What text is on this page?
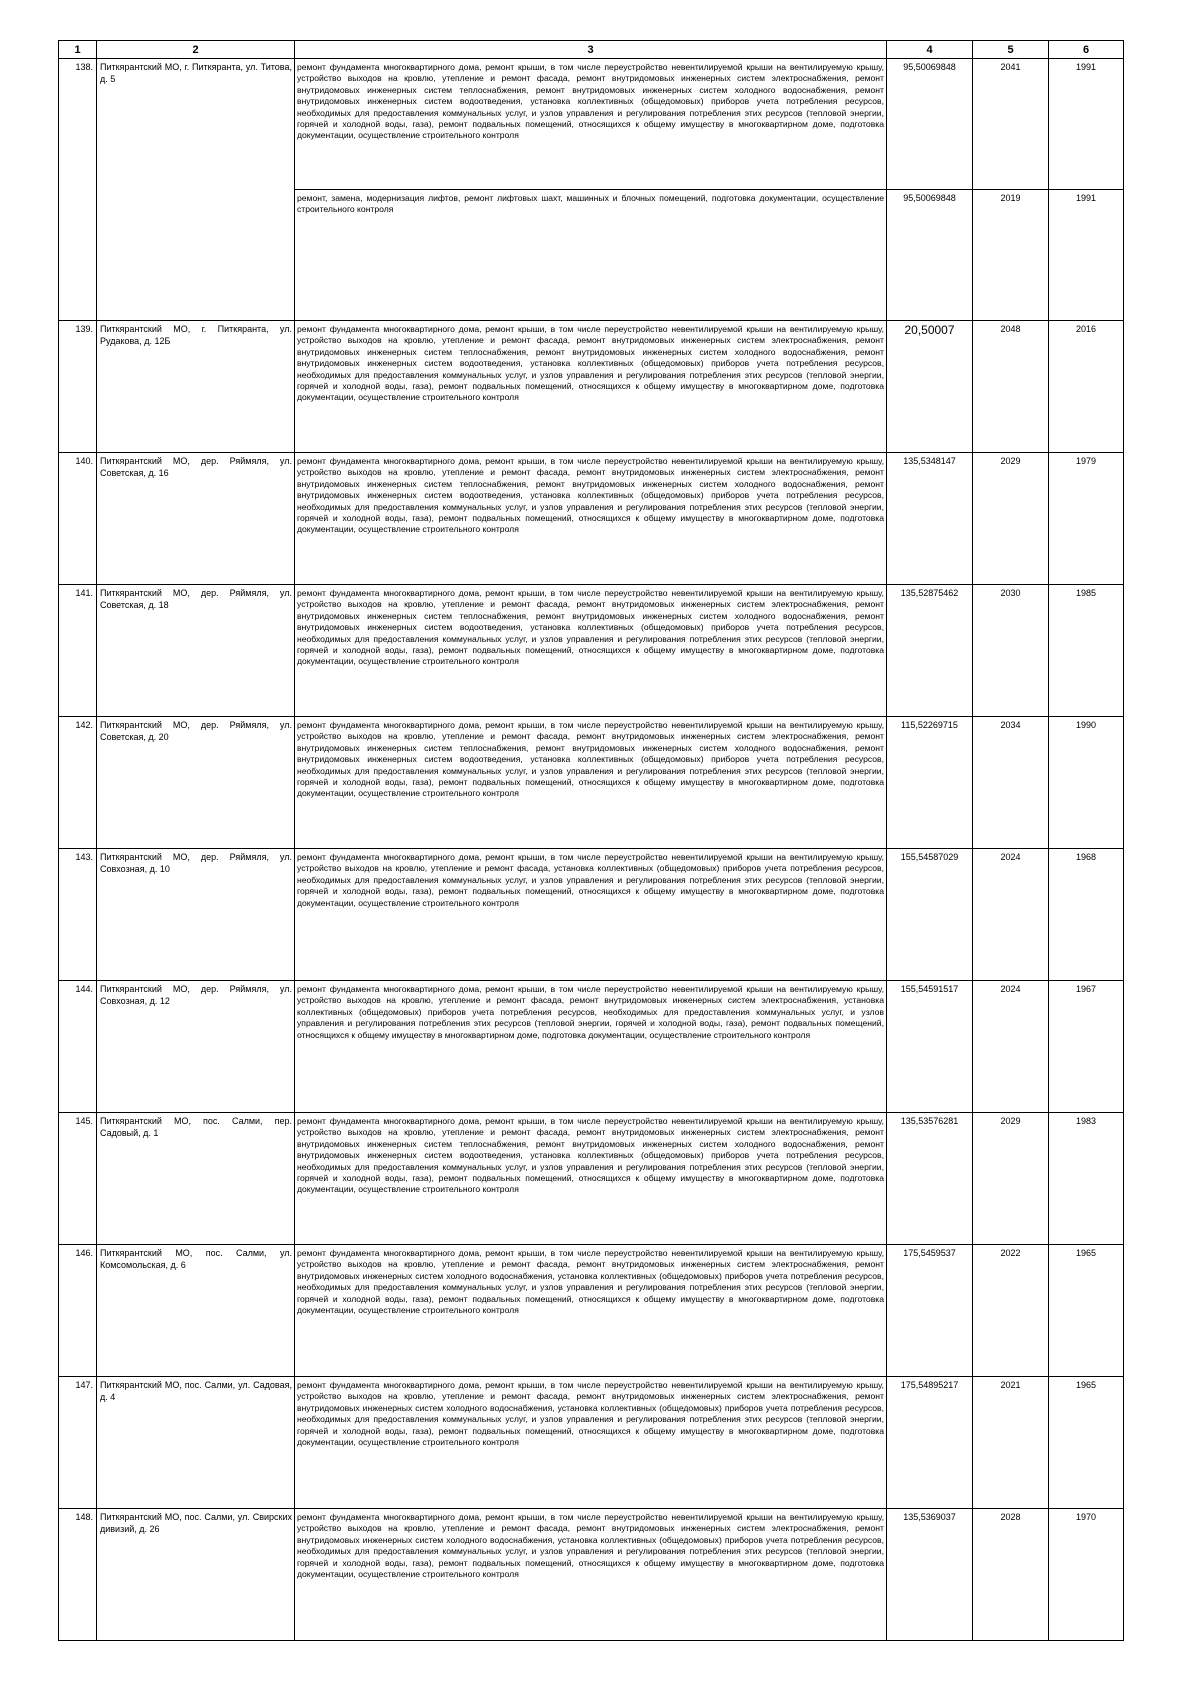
1	2	3	4	5	6
138.	Питкярантский МО, г. Питкяранта, ул. Титова, д. 5	ремонт фундамента многоквартирного дома, ремонт крыши, в том числе переустройство невентилируемой крыши на вентилируемую крышу, устройство выходов на кровлю, утепление и ремонт фасада, ремонт внутридомовых инженерных систем электроснабжения, ремонт внутридомовых инженерных систем теплоснабжения, ремонт внутридомовых инженерных систем холодного водоснабжения, ремонт внутридомовых инженерных систем водоотведения, установка коллективных (общедомовых) приборов учета потребления ресурсов, необходимых для предоставления коммунальных услуг, и узлов управления и регулирования потребления этих ресурсов (тепловой энергии, горячей и холодной воды, газа), ремонт подвальных помещений, относящихся к общему имуществу в многоквартирном доме, подготовка документации, осуществление строительного контроля	95,50069848	2041	1991
		ремонт, замена, модернизация лифтов, ремонт лифтовых шахт, машинных и блочных помещений, подготовка документации, осуществление строительного контроля	95,50069848	2019	1991
139.	Питкярантский МО, г. Питкяранта, ул. Рудакова, д. 12Б	ремонт фундамента многоквартирного дома, ремонт крыши, в том числе переустройство невентилируемой крыши на вентилируемую крышу, устройство выходов на кровлю, утепление и ремонт фасада, ремонт внутридомовых инженерных систем электроснабжения, ремонт внутридомовых инженерных систем теплоснабжения, ремонт внутридомовых инженерных систем холодного водоснабжения, ремонт внутридомовых инженерных систем водоотведения, установка коллективных (общедомовых) приборов учета потребления ресурсов, необходимых для предоставления коммунальных услуг, и узлов управления и регулирования потребления этих ресурсов (тепловой энергии, горячей и холодной воды, газа), ремонт подвальных помещений, относящихся к общему имуществу в многоквартирном доме, подготовка документации, осуществление строительного контроля	20,50007	2048	2016
140.	Питкярантский МО, дер. Ряймяля, ул. Советская, д. 16	ремонт фундамента многоквартирного дома, ремонт крыши, в том числе переустройство невентилируемой крыши на вентилируемую крышу, устройство выходов на кровлю, утепление и ремонт фасада, ремонт внутридомовых инженерных систем электроснабжения, ремонт внутридомовых инженерных систем теплоснабжения, ремонт внутридомовых инженерных систем холодного водоснабжения, ремонт внутридомовых инженерных систем водоотведения, установка коллективных (общедомовых) приборов учета потребления ресурсов, необходимых для предоставления коммунальных услуг, и узлов управления и регулирования потребления этих ресурсов (тепловой энергии, горячей и холодной воды, газа), ремонт подвальных помещений, относящихся к общему имуществу в многоквартирном доме, подготовка документации, осуществление строительного контроля	135,5348147	2029	1979
141.	Питкярантский МО, дер. Ряймяля, ул. Советская, д. 18	ремонт фундамента многоквартирного дома, ремонт крыши, в том числе переустройство невентилируемой крыши на вентилируемую крышу, устройство выходов на кровлю, утепление и ремонт фасада, ремонт внутридомовых инженерных систем электроснабжения, ремонт внутридомовых инженерных систем теплоснабжения, ремонт внутридомовых инженерных систем холодного водоснабжения, ремонт внутридомовых инженерных систем водоотведения, установка коллективных (общедомовых) приборов учета потребления ресурсов, необходимых для предоставления коммунальных услуг, и узлов управления и регулирования потребления этих ресурсов (тепловой энергии, горячей и холодной воды, газа), ремонт подвальных помещений, относящихся к общему имуществу в многоквартирном доме, подготовка документации, осуществление строительного контроля	135,52875462	2030	1985
142.	Питкярантский МО, дер. Ряймяля, ул. Советская, д. 20	ремонт фундамента многоквартирного дома, ремонт крыши, в том числе переустройство невентилируемой крыши на вентилируемую крышу, устройство выходов на кровлю, утепление и ремонт фасада, ремонт внутридомовых инженерных систем электроснабжения, ремонт внутридомовых инженерных систем теплоснабжения, ремонт внутридомовых инженерных систем холодного водоснабжения, ремонт внутридомовых инженерных систем водоотведения, установка коллективных (общедомовых) приборов учета потребления ресурсов, необходимых для предоставления коммунальных услуг, и узлов управления и регулирования потребления этих ресурсов (тепловой энергии, горячей и холодной воды, газа), ремонт подвальных помещений, относящихся к общему имуществу в многоквартирном доме, подготовка документации, осуществление строительного контроля	115,52269715	2034	1990
143.	Питкярантский МО, дер. Ряймяля, ул. Совхозная, д. 10	ремонт фундамента многоквартирного дома, ремонт крыши, в том числе переустройство невентилируемой крыши на вентилируемую крышу, устройство выходов на кровлю, утепление и ремонт фасада, установка коллективных (общедомовых) приборов учета потребления ресурсов, необходимых для предоставления коммунальных услуг, и узлов управления и регулирования потребления этих ресурсов (тепловой энергии, горячей и холодной воды, газа), ремонт подвальных помещений, относящихся к общему имуществу в многоквартирном доме, подготовка документации, осуществление строительного контроля	155,54587029	2024	1968
144.	Питкярантский МО, дер. Ряймяля, ул. Совхозная, д. 12	ремонт фундамента многоквартирного дома, ремонт крыши, в том числе переустройство невентилируемой крыши на вентилируемую крышу, устройство выходов на кровлю, утепление и ремонт фасада, ремонт внутридомовых инженерных систем электроснабжения, установка коллективных (общедомовых) приборов учета потребления ресурсов, необходимых для предоставления коммунальных услуг, и узлов управления и регулирования потребления этих ресурсов (тепловой энергии, горячей и холодной воды, газа), ремонт подвальных помещений, относящихся к общему имуществу в многоквартирном доме, подготовка документации, осуществление строительного контроля	155,54591517	2024	1967
145.	Питкярантский МО, пос. Салми, пер. Садовый, д. 1	ремонт фундамента многоквартирного дома, ремонт крыши, в том числе переустройство невентилируемой крыши на вентилируемую крышу, устройство выходов на кровлю, утепление и ремонт фасада, ремонт внутридомовых инженерных систем электроснабжения, ремонт внутридомовых инженерных систем теплоснабжения, ремонт внутридомовых инженерных систем холодного водоснабжения, ремонт внутридомовых инженерных систем водоотведения, установка коллективных (общедомовых) приборов учета потребления ресурсов, необходимых для предоставления коммунальных услуг, и узлов управления и регулирования потребления этих ресурсов (тепловой энергии, горячей и холодной воды, газа), ремонт подвальных помещений, относящихся к общему имуществу в многоквартирном доме, подготовка документации, осуществление строительного контроля	135,53576281	2029	1983
146.	Питкярантский МО, пос. Салми, ул. Комсомольская, д. 6	ремонт фундамента многоквартирного дома, ремонт крыши, в том числе переустройство невентилируемой крыши на вентилируемую крышу, устройство выходов на кровлю, утепление и ремонт фасада, ремонт внутридомовых инженерных систем электроснабжения, ремонт внутридомовых инженерных систем холодного водоснабжения, установка коллективных (общедомовых) приборов учета потребления ресурсов, необходимых для предоставления коммунальных услуг, и узлов управления и регулирования потребления этих ресурсов (тепловой энергии, горячей и холодной воды, газа), ремонт подвальных помещений, относящихся к общему имуществу в многоквартирном доме, подготовка документации, осуществление строительного контроля	175,5459537	2022	1965
147.	Питкярантский МО, пос. Салми, ул. Садовая, д. 4	ремонт фундамента многоквартирного дома, ремонт крыши, в том числе переустройство невентилируемой крыши на вентилируемую крышу, устройство выходов на кровлю, утепление и ремонт фасада, ремонт внутридомовых инженерных систем электроснабжения, ремонт внутридомовых инженерных систем холодного водоснабжения, установка коллективных (общедомовых) приборов учета потребления ресурсов, необходимых для предоставления коммунальных услуг, и узлов управления и регулирования потребления этих ресурсов (тепловой энергии, горячей и холодной воды, газа), ремонт подвальных помещений, относящихся к общему имуществу в многоквартирном доме, подготовка документации, осуществление строительного контроля	175,54895217	2021	1965
148.	Питкярантский МО, пос. Салми, ул. Свирских дивизий, д. 26	ремонт фундамента многоквартирного дома, ремонт крыши, в том числе переустройство невентилируемой крыши на вентилируемую крышу, устройство выходов на кровлю, утепление и ремонт фасада, ремонт внутридомовых инженерных систем электроснабжения, ремонт внутридомовых инженерных систем холодного водоснабжения, установка коллективных (общедомовых) приборов учета потребления ресурсов, необходимых для предоставления коммунальных услуг, и узлов управления и регулирования потребления этих ресурсов (тепловой энергии, горячей и холодной воды, газа), ремонт подвальных помещений, относящихся к общему имуществу в многоквартирном доме, подготовка документации, осуществление строительного контроля	135,5369037	2028	1970
